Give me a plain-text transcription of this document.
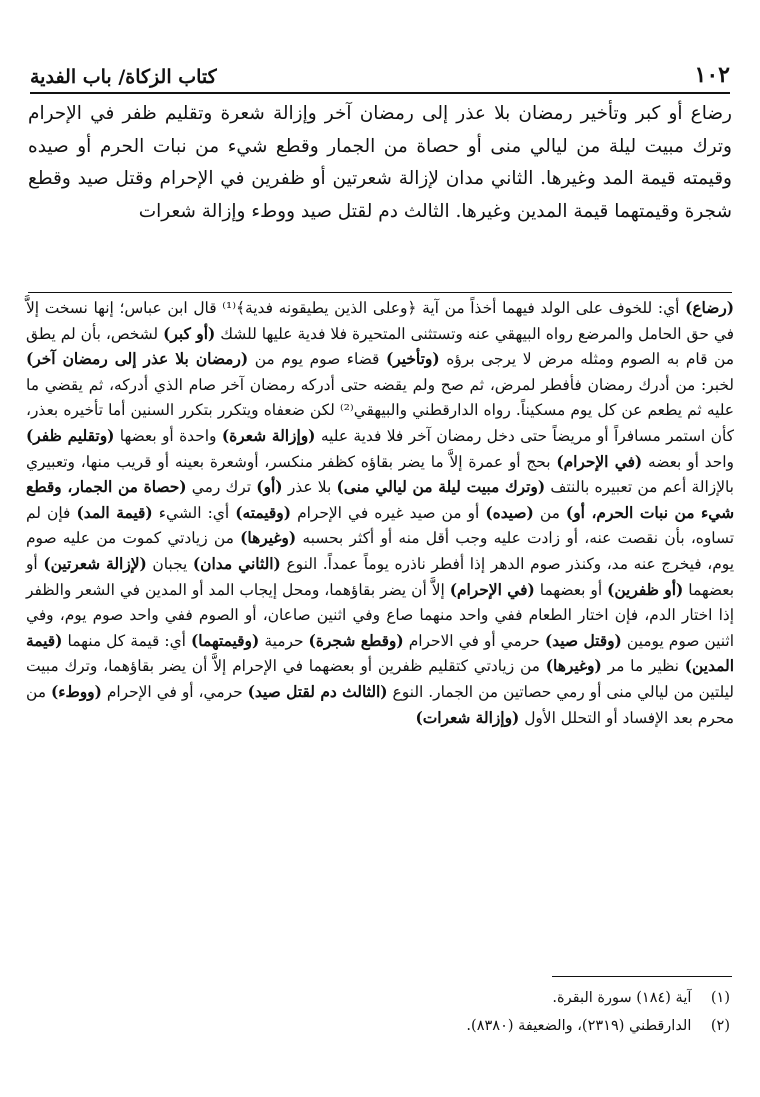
١٠٢
كتاب الزكاة/ باب الفدية
رضاع أو كبر وتأخير رمضان بلا عذر إلى رمضان آخر وإزالة شعرة وتقليم ظفر في الإحرام وترك مبيت ليلة من ليالي منى أو حصاة من الجمار وقطع شيء من نبات الحرم أو صيده وقيمته قيمة المد وغيرها. الثاني مدان لإزالة شعرتين أو ظفرين في الإحرام وقتل صيد وقطع شجرة وقيمتهما قيمة المدين وغيرها. الثالث دم لقتل صيد ووطء وإزالة شعرات

(رضاع) أي: للخوف على الولد فيهما أخذاً من آية ﴿وعلى الذين يطيقونه فدية﴾⁽¹⁾ قال ابن عباس؛ إنها نسخت إلاَّ في حق الحامل والمرضع رواه البيهقي عنه وتستثنى المتحيرة فلا فدية عليها للشك (أو كبر) لشخص، بأن لم يطق من قام به الصوم ومثله مرض لا يرجى برؤه (وتأخير) قضاء صوم يوم من (رمضان بلا عذر إلى رمضان آخر) لخبر: من أدرك رمضان فأفطر لمرض، ثم صح ولم يقضه حتى أدركه رمضان آخر صام الذي أدركه، ثم يقضي ما عليه ثم يطعم عن كل يوم مسكيناً. رواه الدارقطني والبيهقي⁽²⁾ لكن ضعفاه ويتكرر بتكرر السنين أما تأخيره بعذر، كأن استمر مسافراً أو مريضاً حتى دخل رمضان آخر فلا فدية عليه (وإزالة شعرة) واحدة أو بعضها (وتقليم ظفر) واحد أو بعضه (في الإحرام) بحج أو عمرة إلاَّ ما يضر بقاؤه كظفر منكسر، أوشعرة بعينه أو قريب منها، وتعبيري بالإزالة أعم من تعبيره بالنتف (وترك مبيت ليلة من ليالي منى) بلا عذر (أو) ترك رمي (حصاة من الجمار، وقطع شيء من نبات الحرم، أو) من (صيده) أو من صيد غيره في الإحرام (وقيمته) أي: الشيء (قيمة المد) فإن لم تساوه، بأن نقصت عنه، أو زادت عليه وجب أقل منه أو أكثر بحسبه (وغيرها) من زيادتي كموت من عليه صوم يوم، فيخرج عنه مد، وكنذر صوم الدهر إذا أفطر ناذره يوماً عمداً. النوع (الثاني مدان) يجبان (لإزالة شعرتين) أو بعضهما (أو ظفرين) أو بعضهما (في الإحرام) إلاَّ أن يضر بقاؤهما، ومحل إيجاب المد أو المدين في الشعر والظفر إذا اختار الدم، فإن اختار الطعام ففي واحد منهما صاع وفي اثنين صاعان، أو الصوم ففي واحد صوم يوم، وفي اثنين صوم يومين (وقتل صيد) حرمي أو في الاحرام (وقطع شجرة) حرمية (وقيمتهما) أي: قيمة كل منهما (قيمة المدين) نظير ما مر (وغيرها) من زيادتي كتقليم ظفرين أو بعضهما في الإحرام إلاَّ أن يضر بقاؤهما، وترك مبيت ليلتين من ليالي منى أو رمي حصاتين من الجمار. النوع (الثالث دم لقتل صيد) حرمي، أو في الإحرام (ووطء) من محرم بعد الإفساد أو التحلل الأول (وإزالة شعرات)

(١) آية (١٨٤) سورة البقرة.
(٢) الدارقطني (٢٣١٩)، والضعيفة (٨٣٨٠).
